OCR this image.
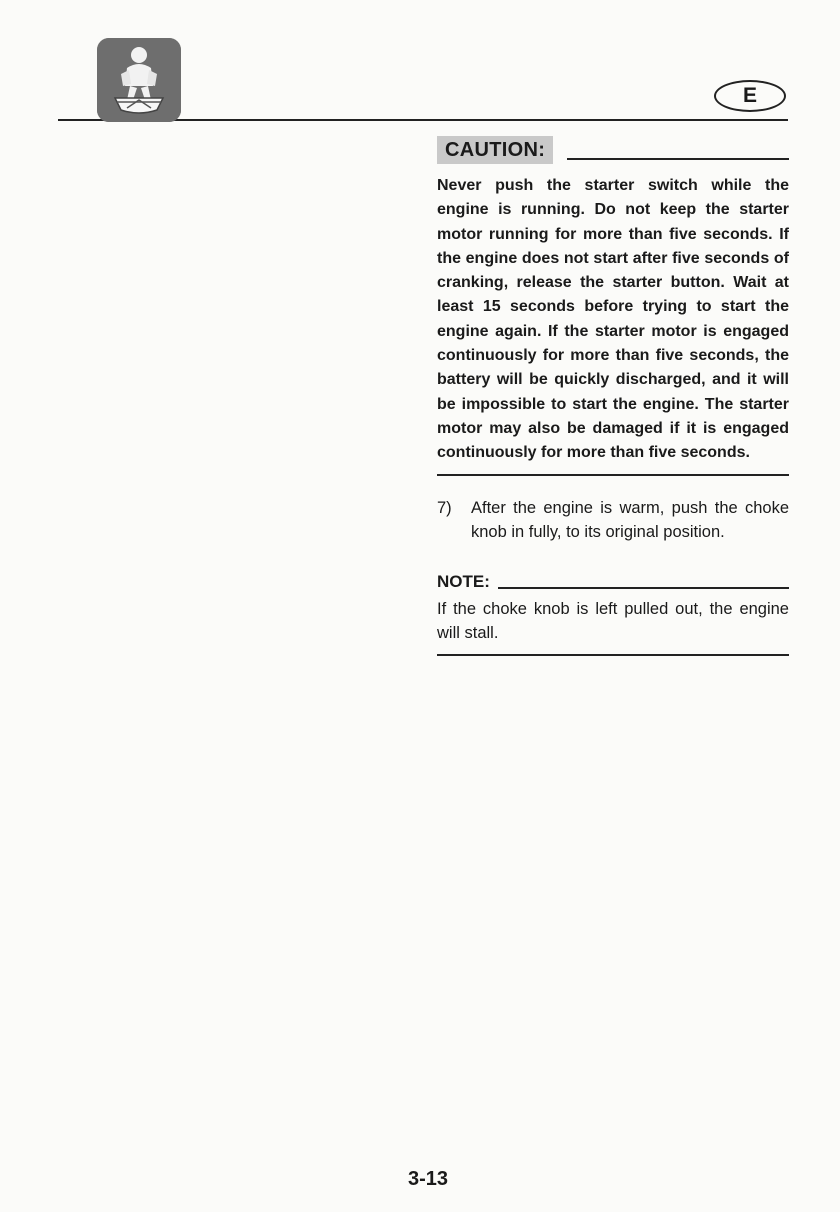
E
CAUTION:

Never push the starter switch while the engine is running. Do not keep the starter motor running for more than five seconds. If the engine does not start after five seconds of cranking, release the starter button. Wait at least 15 seconds before trying to start the engine again. If the starter motor is engaged continuously for more than five seconds, the battery will be quickly discharged, and it will be impossible to start the engine. The starter motor may also be damaged if it is engaged continuously for more than five seconds.

7)	After the engine is warm, push the choke knob in fully, to its original position.
NOTE:

If the choke knob is left pulled out, the engine will stall.

3-13
